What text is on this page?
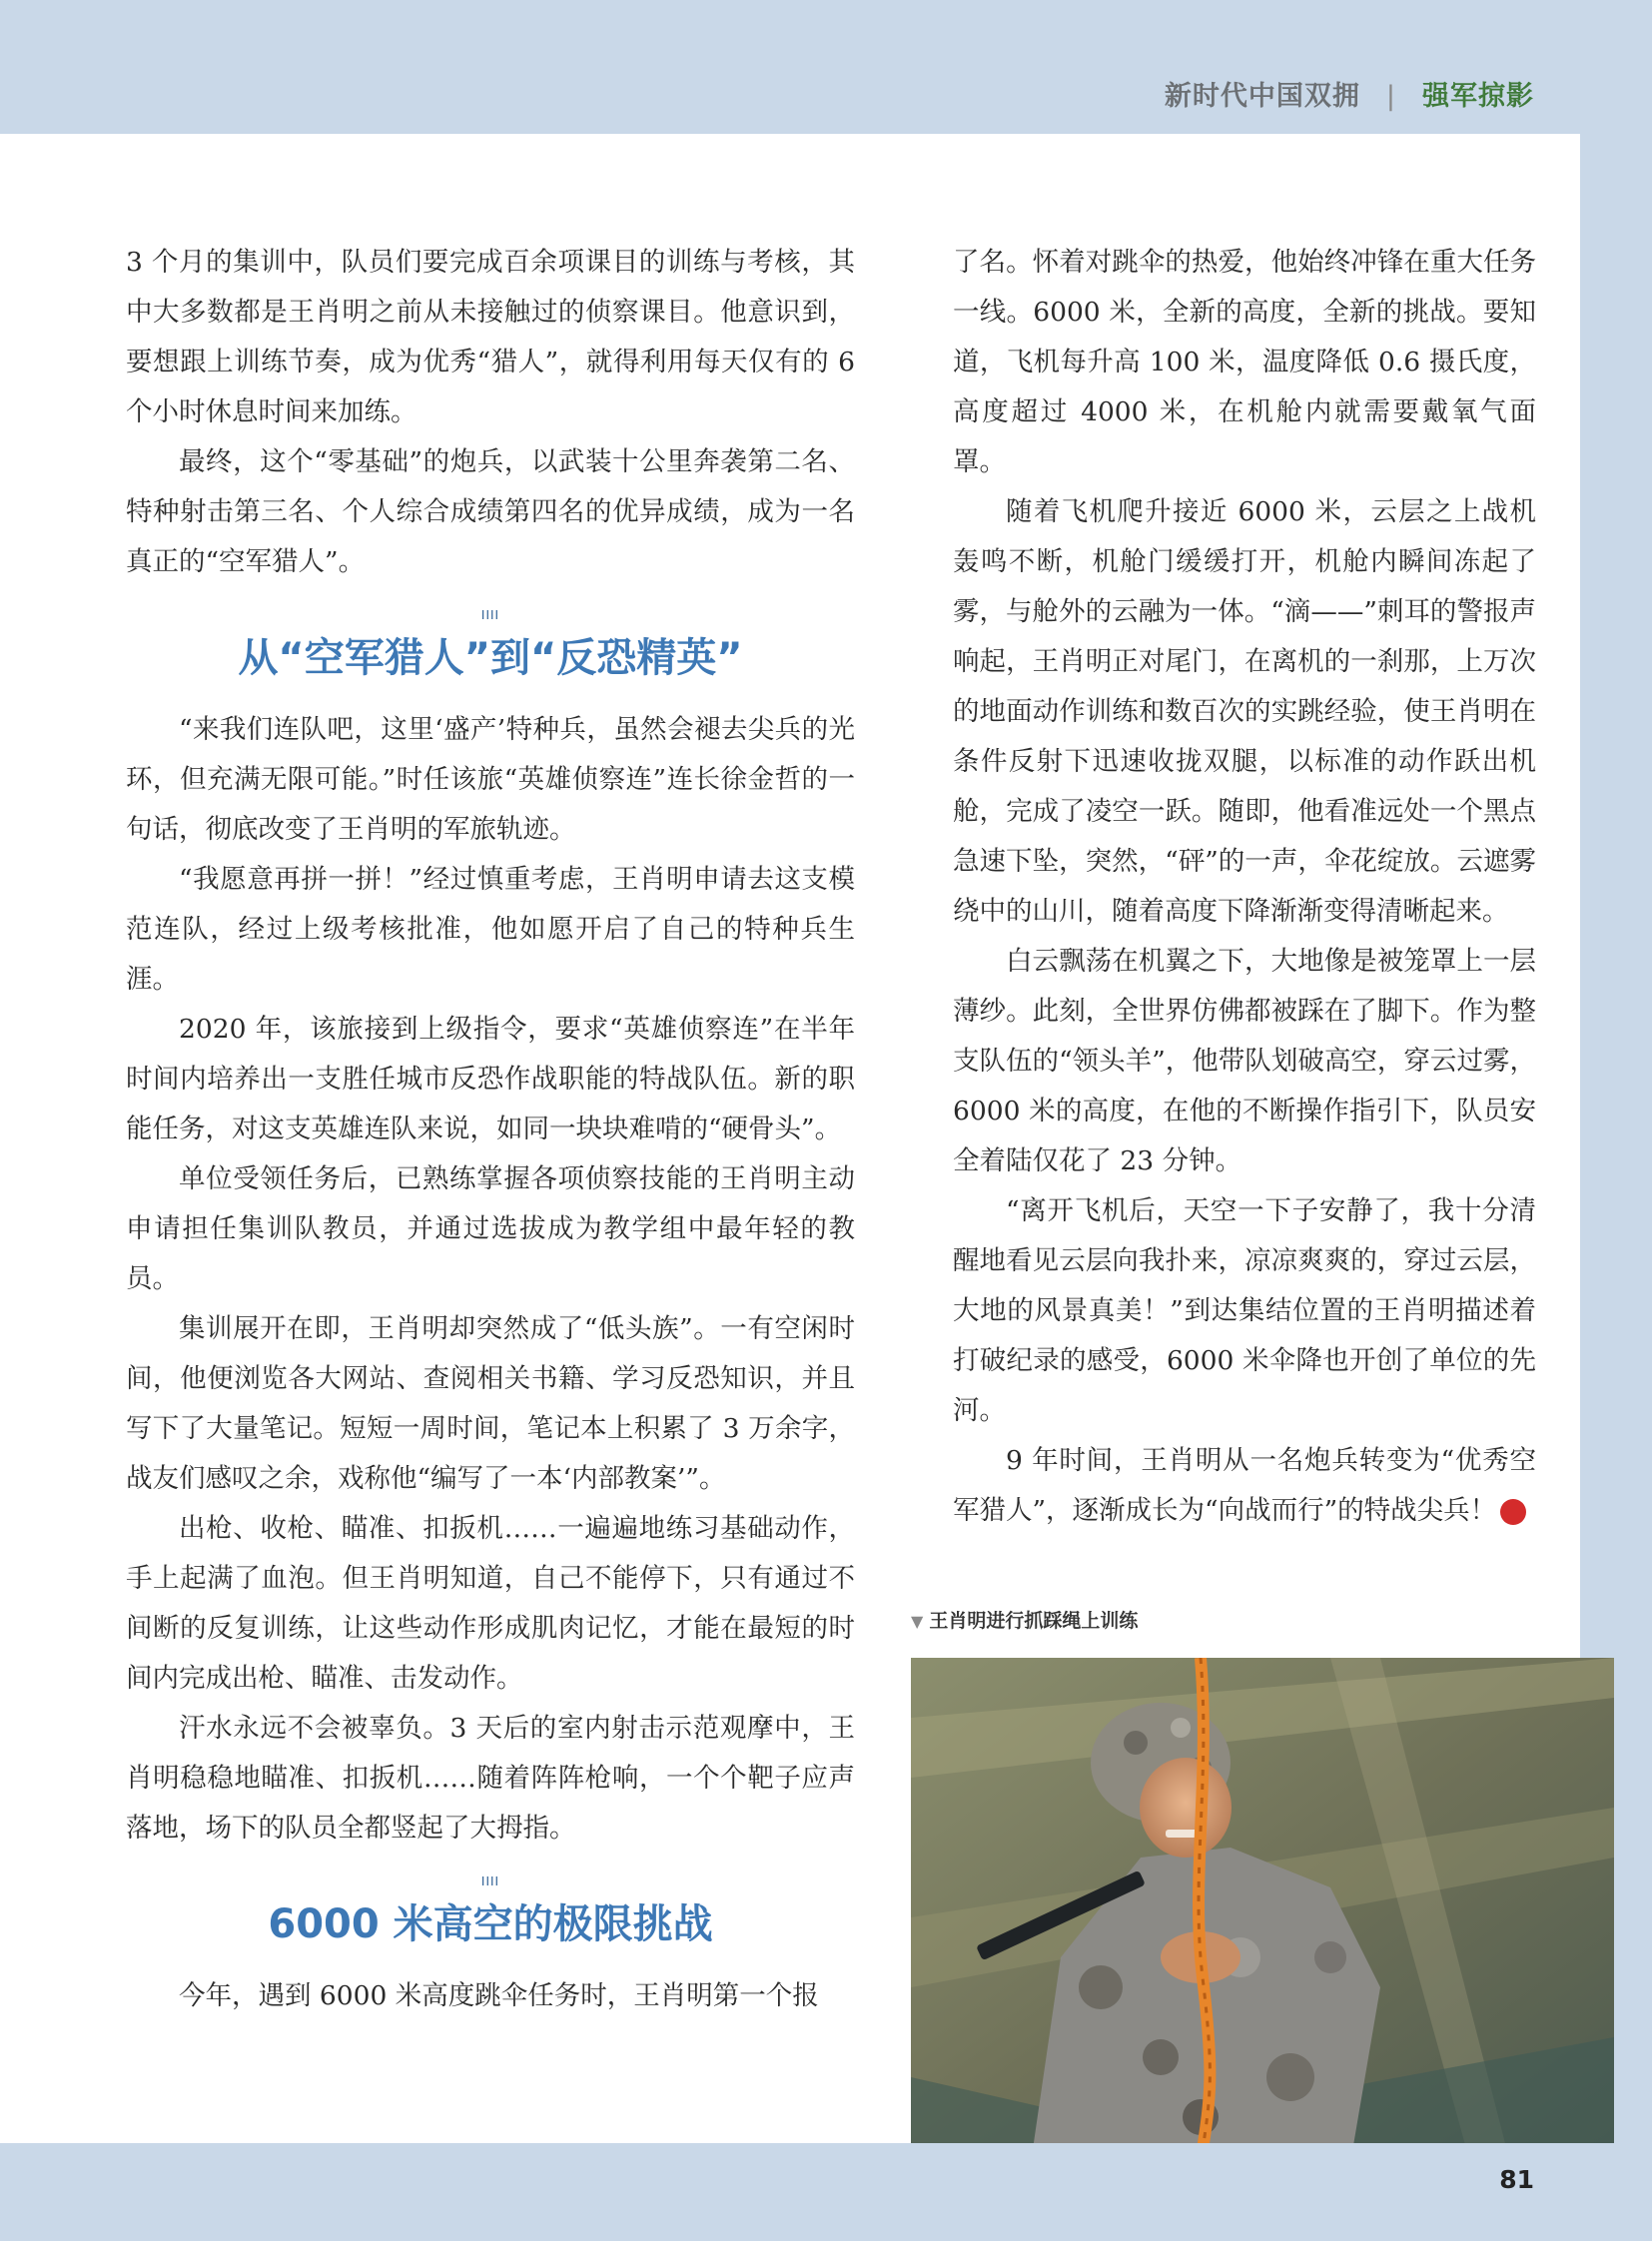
新时代中国双拥 | 强军掠影

3 个月的集训中，队员们要完成百余项课目的训练与考核，其中大多数都是王肖明之前从未接触过的侦察课目。他意识到，要想跟上训练节奏，成为优秀“猎人”，就得利用每天仅有的 6 个小时休息时间来加练。

最终，这个“零基础”的炮兵，以武装十公里奔袭第二名、特种射击第三名、个人综合成绩第四名的优异成绩，成为一名真正的“空军猎人”。

IIII
从“空军猎人”到“反恐精英”

“来我们连队吧，这里‘盛产’特种兵，虽然会褪去尖兵的光环，但充满无限可能。”时任该旅“英雄侦察连”连长徐金哲的一句话，彻底改变了王肖明的军旅轨迹。

“我愿意再拼一拼！”经过慎重考虑，王肖明申请去这支模范连队，经过上级考核批准，他如愿开启了自己的特种兵生涯。

2020 年，该旅接到上级指令，要求“英雄侦察连”在半年时间内培养出一支胜任城市反恐作战职能的特战队伍。新的职能任务，对这支英雄连队来说，如同一块块难啃的“硬骨头”。

单位受领任务后，已熟练掌握各项侦察技能的王肖明主动申请担任集训队教员，并通过选拔成为教学组中最年轻的教员。

集训展开在即，王肖明却突然成了“低头族”。一有空闲时间，他便浏览各大网站、查阅相关书籍、学习反恐知识，并且写下了大量笔记。短短一周时间，笔记本上积累了 3 万余字，战友们感叹之余，戏称他“编写了一本‘内部教案’”。

出枪、收枪、瞄准、扣扳机……一遍遍地练习基础动作，手上起满了血泡。但王肖明知道，自己不能停下，只有通过不间断的反复训练，让这些动作形成肌肉记忆，才能在最短的时间内完成出枪、瞄准、击发动作。

汗水永远不会被辜负。3 天后的室内射击示范观摩中，王肖明稳稳地瞄准、扣扳机……随着阵阵枪响，一个个靶子应声落地，场下的队员全都竖起了大拇指。

IIII
6000 米高空的极限挑战

今年，遇到 6000 米高度跳伞任务时，王肖明第一个报

了名。怀着对跳伞的热爱，他始终冲锋在重大任务一线。6000 米，全新的高度，全新的挑战。要知道，飞机每升高 100 米，温度降低 0.6 摄氏度，高度超过 4000 米，在机舱内就需要戴氧气面罩。

随着飞机爬升接近 6000 米，云层之上战机轰鸣不断，机舱门缓缓打开，机舱内瞬间冻起了雾，与舱外的云融为一体。“滴——”刺耳的警报声响起，王肖明正对尾门，在离机的一刹那，上万次的地面动作训练和数百次的实跳经验，使王肖明在条件反射下迅速收拢双腿，以标准的动作跃出机舱，完成了凌空一跃。随即，他看准远处一个黑点急速下坠，突然，“砰”的一声，伞花绽放。云遮雾绕中的山川，随着高度下降渐渐变得清晰起来。

白云飘荡在机翼之下，大地像是被笼罩上一层薄纱。此刻，全世界仿佛都被踩在了脚下。作为整支队伍的“领头羊”，他带队划破高空，穿云过雾，6000 米的高度，在他的不断操作指引下，队员安全着陆仅花了 23 分钟。

“离开飞机后，天空一下子安静了，我十分清醒地看见云层向我扑来，凉凉爽爽的，穿过云层，大地的风景真美！”到达集结位置的王肖明描述着打破纪录的感受，6000 米伞降也开创了单位的先河。

9 年时间，王肖明从一名炮兵转变为“优秀空军猎人”，逐渐成长为“向战而行”的特战尖兵！	N

▼ 王肖明进行抓踩绳上训练
81
